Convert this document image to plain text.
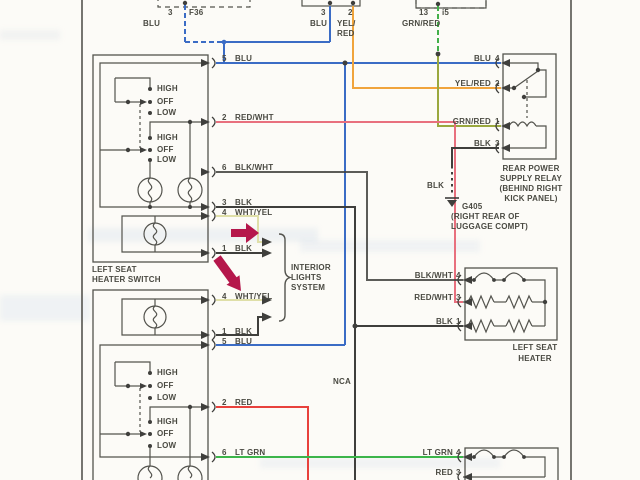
3 F36
BLU
3	2
BLU YEL/
RED
13 i5
GRN/RED
5 BLU
2 RED/WHT
6 BLK/WHT
3 BLK
4 WHT/YEL
1 BLK
HIGH
OFF
LOW
HIGH
OFF
LOW
LEFT SEAT
HEATER SWITCH
4 WHT/YEL
1 BLK
5 BLU
2 RED
6 LT GRN
HIGH
OFF
LOW
HIGH
OFF
LOW
INTERIOR
LIGHTS
SYSTEM
NCA
BLU 4
YEL/RED 2
GRN/RED 1
BLK 3
REAR POWER
SUPPLY RELAY
(BEHIND RIGHT
KICK PANEL)
BLK
G405
(RIGHT REAR OF
LUGGAGE COMPT)
BLK/WHT 4
RED/WHT 3
BLK 1
LEFT SEAT
HEATER
LT GRN 4
RED 3
